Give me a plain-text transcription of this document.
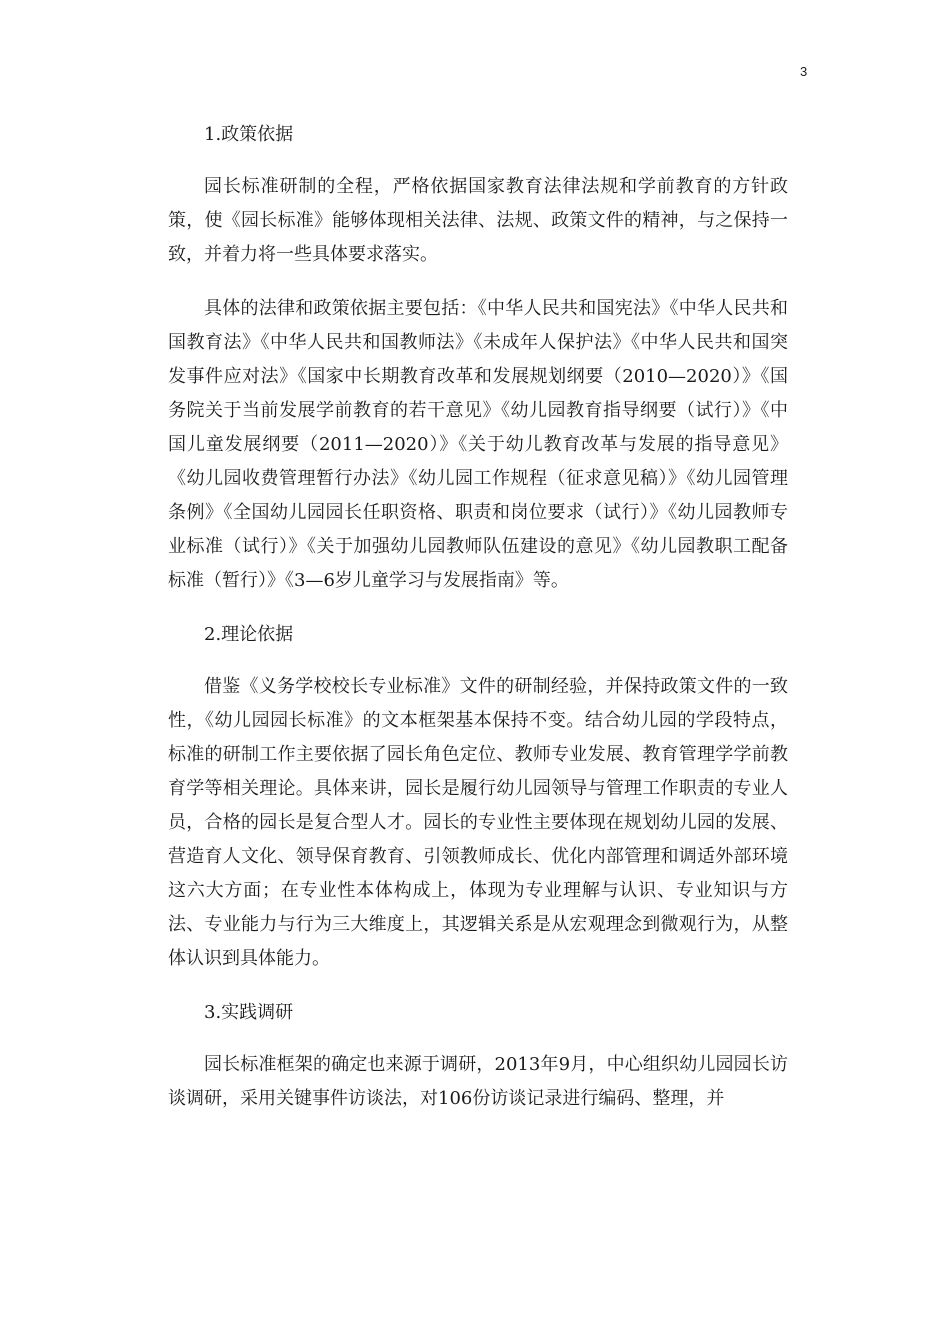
3
1.政策依据

园长标准研制的全程，严格依据国家教育法律法规和学前教育的方针政策，使《园长标准》能够体现相关法律、法规、政策文件的精神，与之保持一致，并着力将一些具体要求落实。

具体的法律和政策依据主要包括：《中华人民共和国宪法》《中华人民共和国教育法》《中华人民共和国教师法》《未成年人保护法》《中华人民共和国突发事件应对法》《国家中长期教育改革和发展规划纲要（2010—2020）》《国务院关于当前发展学前教育的若干意见》《幼儿园教育指导纲要（试行）》《中国儿童发展纲要（2011—2020）》《关于幼儿教育改革与发展的指导意见》《幼儿园收费管理暂行办法》《幼儿园工作规程（征求意见稿）》《幼儿园管理条例》《全国幼儿园园长任职资格、职责和岗位要求（试行）》《幼儿园教师专业标准（试行）》《关于加强幼儿园教师队伍建设的意见》《幼儿园教职工配备标准（暂行）》《3—6岁儿童学习与发展指南》等。

2.理论依据

借鉴《义务学校校长专业标准》文件的研制经验，并保持政策文件的一致性，《幼儿园园长标准》的文本框架基本保持不变。结合幼儿园的学段特点，标准的研制工作主要依据了园长角色定位、教师专业发展、教育管理学学前教育学等相关理论。具体来讲，园长是履行幼儿园领导与管理工作职责的专业人员，合格的园长是复合型人才。园长的专业性主要体现在规划幼儿园的发展、营造育人文化、领导保育教育、引领教师成长、优化内部管理和调适外部环境这六大方面；在专业性本体构成上，体现为专业理解与认识、专业知识与方法、专业能力与行为三大维度上，其逻辑关系是从宏观理念到微观行为，从整体认识到具体能力。

3.实践调研

园长标准框架的确定也来源于调研，2013年9月，中心组织幼儿园园长访谈调研，采用关键事件访谈法，对106份访谈记录进行编码、整理，并
